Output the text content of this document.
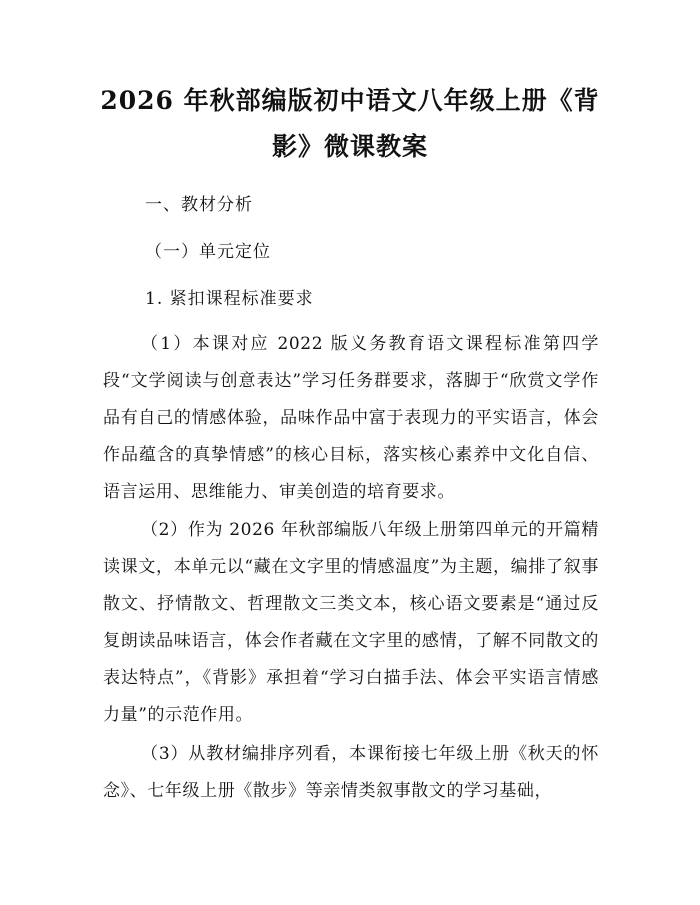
2026 年秋部编版初中语文八年级上册《背
影》微课教案
一、教材分析
（一）单元定位
1. 紧扣课程标准要求

（1）本课对应 2022 版义务教育语文课程标准第四学段“文学阅读与创意表达”学习任务群要求，落脚于“欣赏文学作品有自己的情感体验，品味作品中富于表现力的平实语言，体会作品蕴含的真挚情感”的核心目标，落实核心素养中文化自信、语言运用、思维能力、审美创造的培育要求。

（2）作为 2026 年秋部编版八年级上册第四单元的开篇精读课文，本单元以“藏在文字里的情感温度”为主题，编排了叙事散文、抒情散文、哲理散文三类文本，核心语文要素是“通过反复朗读品味语言，体会作者藏在文字里的感情，了解不同散文的表达特点”，《背影》承担着“学习白描手法、体会平实语言情感力量”的示范作用。

（3）从教材编排序列看，本课衔接七年级上册《秋天的怀念》、七年级上册《散步》等亲情类叙事散文的学习基础，
